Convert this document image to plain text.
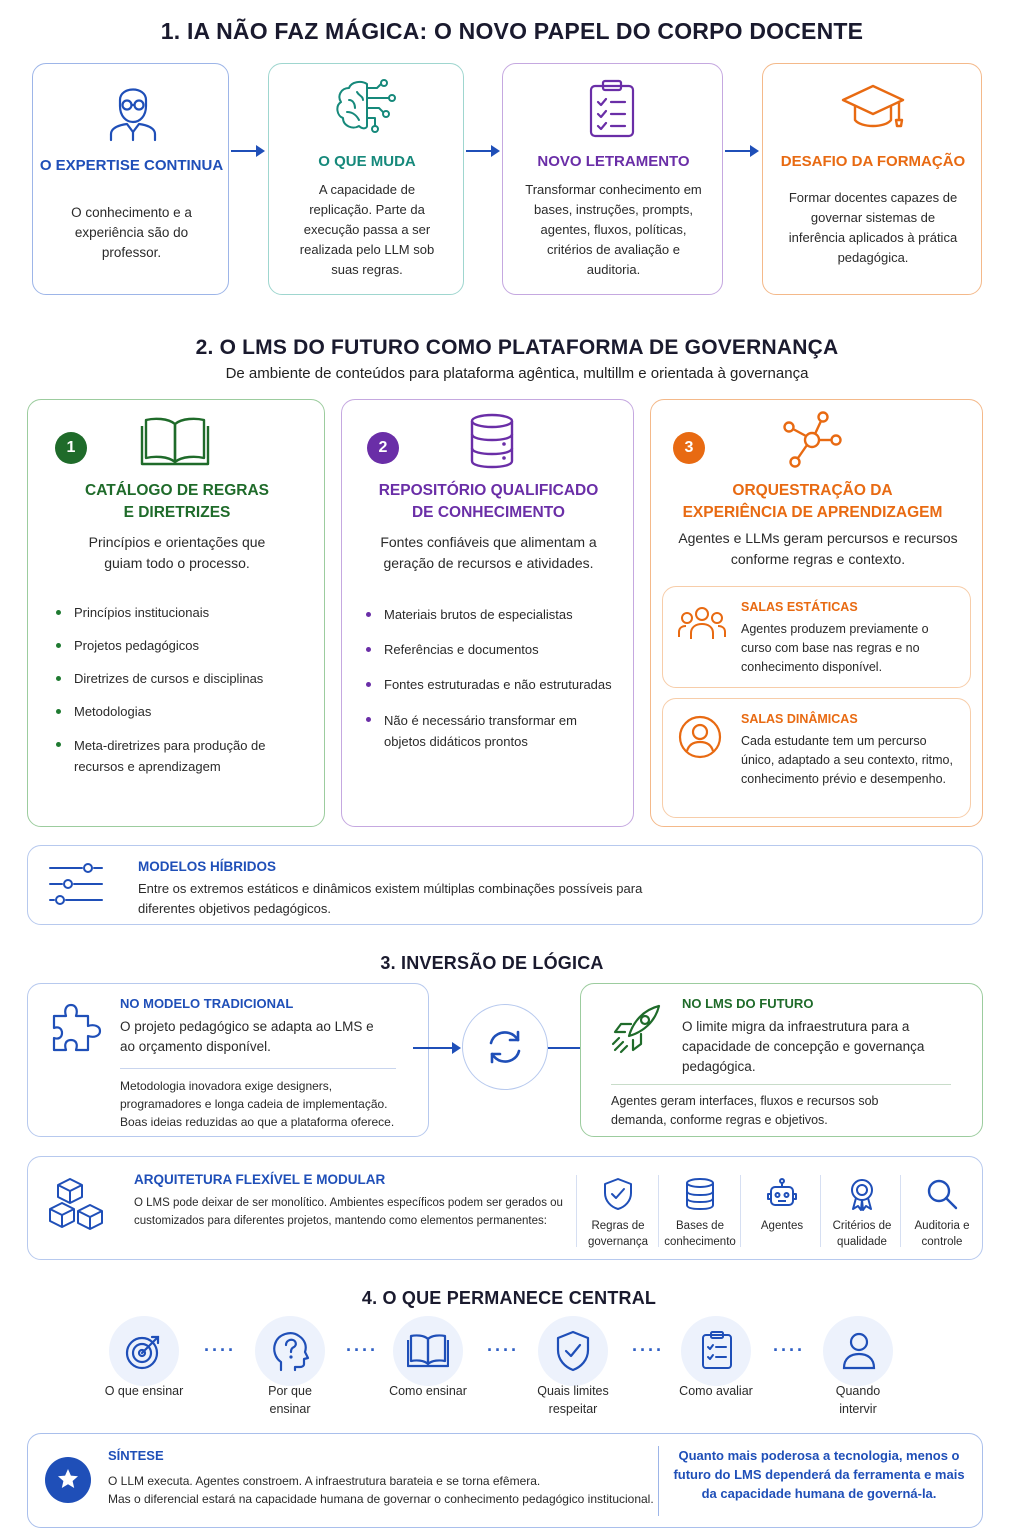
1. IA NÃO FAZ MÁGICA: O NOVO PAPEL DO CORPO DOCENTE
O EXPERTISE CONTINUA
O conhecimento e a experiência são do professor.
O QUE MUDA
A capacidade de replicação. Parte da execução passa a ser realizada pelo LLM sob suas regras.
NOVO LETRAMENTO
Transformar conhecimento em bases, instruções, prompts, agentes, fluxos, políticas, critérios de avaliação e auditoria.
DESAFIO DA FORMAÇÃO
Formar docentes capazes de governar sistemas de inferência aplicados à prática pedagógica.
2. O LMS DO FUTURO COMO PLATAFORMA DE GOVERNANÇA
De ambiente de conteúdos para plataforma agêntica, multillm e orientada à governança
1
CATÁLOGO DE REGRAS
E DIRETRIZES
Princípios e orientações que guiam todo o processo.
Princípios institucionais
Projetos pedagógicos
Diretrizes de cursos e disciplinas
Metodologias
Meta-diretrizes para produção de recursos e aprendizagem
2
REPOSITÓRIO QUALIFICADO
DE CONHECIMENTO
Fontes confiáveis que alimentam a geração de recursos e atividades.
Materiais brutos de especialistas
Referências e documentos
Fontes estruturadas e não estruturadas
Não é necessário transformar em objetos didáticos prontos
3
ORQUESTRAÇÃO DA
EXPERIÊNCIA DE APRENDIZAGEM
Agentes e LLMs geram percursos e recursos conforme regras e contexto.
SALAS ESTÁTICAS
Agentes produzem previamente o curso com base nas regras e no conhecimento disponível.
SALAS DINÂMICAS
Cada estudante tem um percurso único, adaptado a seu contexto, ritmo, conhecimento prévio e desempenho.
MODELOS HÍBRIDOS
Entre os extremos estáticos e dinâmicos existem múltiplas combinações possíveis para diferentes objetivos pedagógicos.
3. INVERSÃO DE LÓGICA
NO MODELO TRADICIONAL
O projeto pedagógico se adapta ao LMS e ao orçamento disponível.
Metodologia inovadora exige designers, programadores e longa cadeia de implementação. Boas ideias reduzidas ao que a plataforma oferece.
NO LMS DO FUTURO
O limite migra da infraestrutura para a capacidade de concepção e governança pedagógica.
Agentes geram interfaces, fluxos e recursos sob demanda, conforme regras e objetivos.
ARQUITETURA FLEXÍVEL E MODULAR
O LMS pode deixar de ser monolítico. Ambientes específicos podem ser gerados ou customizados para diferentes projetos, mantendo como elementos permanentes:	Regras de governança
Bases de conhecimento
Agentes	Critérios de qualidade
Auditoria e controle
4. O QUE PERMANECE CENTRAL
O que ensinar
····
Por que ensinar
····
Como ensinar
····
Quais limites respeitar
····
Como avaliar
····
Quando intervir
SÍNTESE
O LLM executa. Agentes constroem. A infraestrutura barateia e se torna efêmera.
Mas o diferencial estará na capacidade humana de governar o conhecimento pedagógico institucional.
Quanto mais poderosa a tecnologia, menos o futuro do LMS dependerá da ferramenta e mais da capacidade humana de governá-la.
